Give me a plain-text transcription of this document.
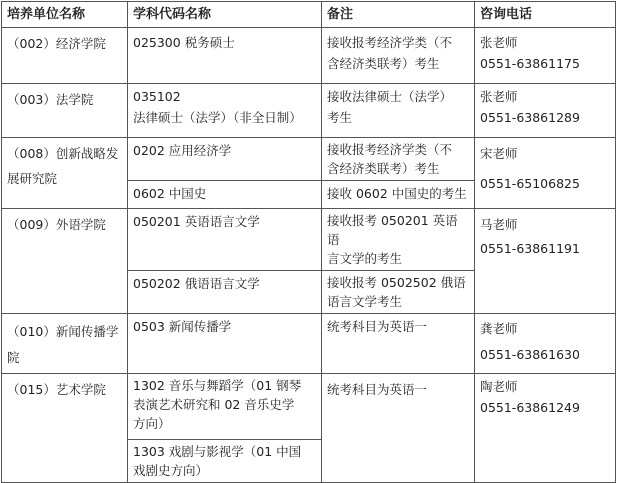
培养单位名称	学科代码名称	备注	咨询电话

（002）经济学院	025300 税务硕士	接收报考经济学类（不
含经济类联考）考生	张老师
0551-63861175

（003）法学院	035102
法律硕士（法学）（非全日制）	接收法律硕士（法学）
考生	张老师
0551-63861289

（008）创新战略发
展研究院	0202 应用经济学	接收报考经济学类（不
含经济类联考）考生	宋老师
0551-65106825

	0602 中国史	接收 0602 中国史的考生	

（009）外语学院	050201 英语语言文学	接收报考 050201 英语语
言文学的考生	马老师
0551-63861191

	050202 俄语语言文学	接收报考 0502502 俄语
语言文学考生	

（010）新闻传播学
院	0503 新闻传播学	统考科目为英语一	龚老师
0551-63861630

（015）艺术学院	1302 音乐与舞蹈学（01 钢琴
表演艺术研究和 02 音乐史学
方向）	统考科目为英语一	陶老师
0551-63861249

	1303 戏剧与影视学（01 中国
戏剧史方向）		
